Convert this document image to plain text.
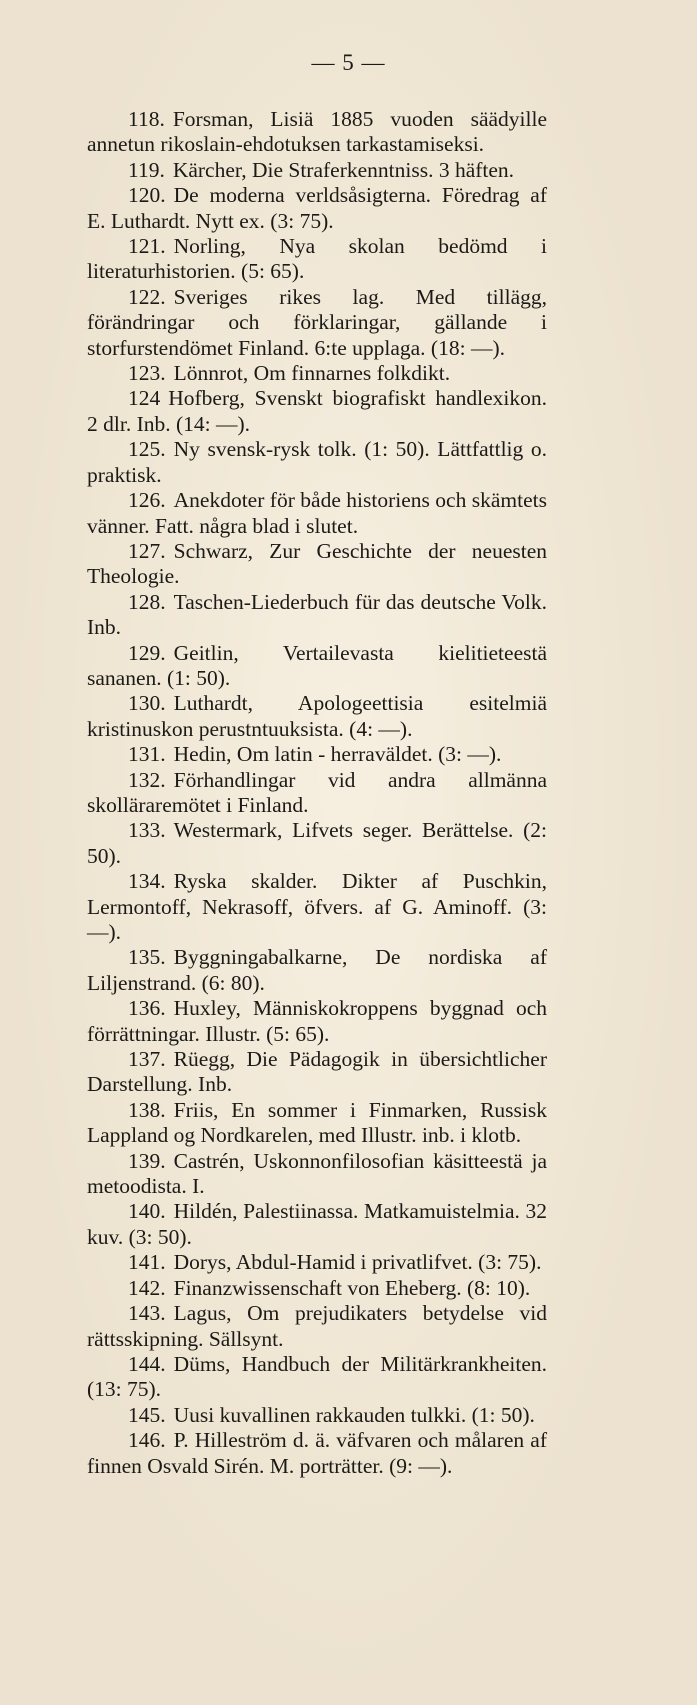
— 5 —

118. Forsman, Lisiä 1885 vuoden säädyille annetun rikoslain-ehdotuksen tarkastamiseksi.

119. Kärcher, Die Straferkenntniss. 3 häften.

120. De moderna verldsåsigterna. Föredrag af E. Luthardt. Nytt ex. (3: 75).

121. Norling, Nya skolan bedömd i literaturhistorien. (5: 65).

122. Sveriges rikes lag. Med tillägg, förändringar och förklaringar, gällande i storfurstendömet Finland. 6:te upplaga. (18: —).

123. Lönnrot, Om finnarnes folkdikt.

124 Hofberg, Svenskt biografiskt handlexikon. 2 dlr. Inb. (14: —).

125. Ny svensk-rysk tolk. (1: 50). Lättfattlig o. praktisk.

126. Anekdoter för både historiens och skämtets vänner. Fatt. några blad i slutet.

127. Schwarz, Zur Geschichte der neuesten Theologie.

128. Taschen-Liederbuch für das deutsche Volk. Inb.

129. Geitlin, Vertailevasta kielitieteestä sananen. (1: 50).

130. Luthardt, Apologeettisia esitelmiä kristinuskon perustntuuksista. (4: —).

131. Hedin, Om latin - herraväldet. (3: —).

132. Förhandlingar vid andra allmänna skolläraremötet i Finland.

133. Westermark, Lifvets seger. Berättelse. (2: 50).

134. Ryska skalder. Dikter af Puschkin, Lermontoff, Nekrasoff, öfvers. af G. Aminoff. (3: —).

135. Byggningabalkarne, De nordiska af Liljenstrand. (6: 80).

136. Huxley, Människokroppens byggnad och förrättningar. Illustr. (5: 65).

137. Rüegg, Die Pädagogik in übersichtlicher Darstellung. Inb.

138. Friis, En sommer i Finmarken, Russisk Lappland og Nordkarelen, med Illustr. inb. i klotb.

139. Castrén, Uskonnonfilosofian käsitteestä ja metoodista. I.

140. Hildén, Palestiinassa. Matkamuistelmia. 32 kuv. (3: 50).

141. Dorys, Abdul-Hamid i privatlifvet. (3: 75).

142. Finanzwissenschaft von Eheberg. (8: 10).

143. Lagus, Om prejudikaters betydelse vid rättsskipning. Sällsynt.

144. Düms, Handbuch der Militärkrankheiten. (13: 75).

145. Uusi kuvallinen rakkauden tulkki. (1: 50).

146. P. Hilleström d. ä. väfvaren och målaren af finnen Osvald Sirén. M. porträtter. (9: —).
